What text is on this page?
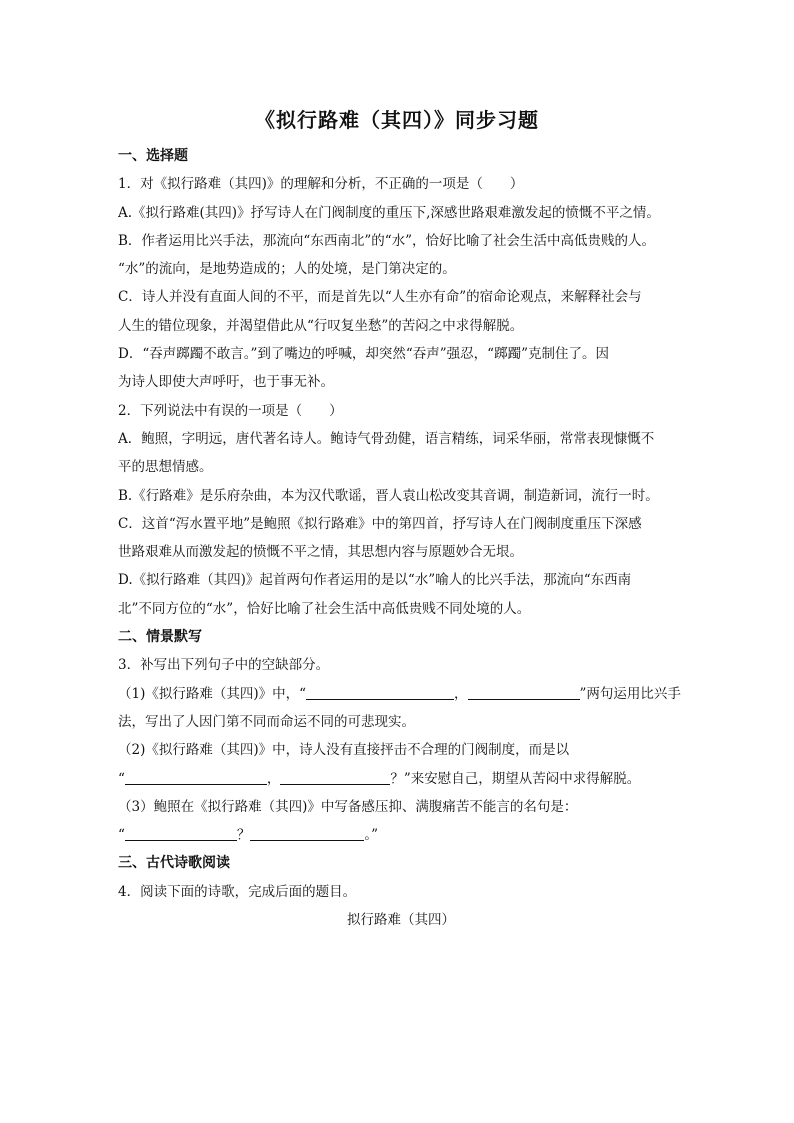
《拟行路难（其四）》同步习题
一、选择题
1．对《拟行路难（其四)》的理解和分析，不正确的一项是（　　）
A.《拟行路难(其四)》抒写诗人在门阀制度的重压下,深感世路艰难激发起的愤慨不平之情。
B．作者运用比兴手法，那流向“东西南北”的“水”，恰好比喻了社会生活中高低贵贱的人。
“水”的流向，是地势造成的；人的处境，是门第决定的。
C．诗人并没有直面人间的不平，而是首先以“人生亦有命”的宿命论观点，来解释社会与
人生的错位现象，并渴望借此从“行叹复坐愁”的苦闷之中求得解脱。
D．“吞声踯躅不敢言。”到了嘴边的呼喊，却突然“吞声”强忍，“踯躅”克制住了。因
为诗人即使大声呼吁，也于事无补。
2．下列说法中有误的一项是（　　）
A．鲍照，字明远，唐代著名诗人。鲍诗气骨劲健，语言精练，词采华丽，常常表现慷慨不
平的思想情感。
B.《行路难》是乐府杂曲，本为汉代歌谣，晋人袁山松改变其音调，制造新词，流行一时。
C．这首“泻水置平地”是鲍照《拟行路难》中的第四首，抒写诗人在门阀制度重压下深感
世路艰难从而激发起的愤慨不平之情，其思想内容与原题妙合无垠。
D.《拟行路难（其四)》起首两句作者运用的是以“水”喻人的比兴手法，那流向“东西南
北”不同方位的“水”，恰好比喻了社会生活中高低贵贱不同处境的人。
二、情景默写
3．补写出下列句子中的空缺部分。
（1)《拟行路难（其四)》中，“	，	”两句运用比兴手
法，写出了人因门第不同而命运不同的可悲现实。
（2)《拟行路难（其四)》中，诗人没有直接抨击不合理的门阀制度，而是以
“	，	？”来安慰自己，期望从苦闷中求得解脱。
（3）鲍照在《拟行路难（其四)》中写备感压抑、满腹痛苦不能言的名句是：
“	？	。”
三、古代诗歌阅读
4．阅读下面的诗歌，完成后面的题目。
拟行路难（其四）
